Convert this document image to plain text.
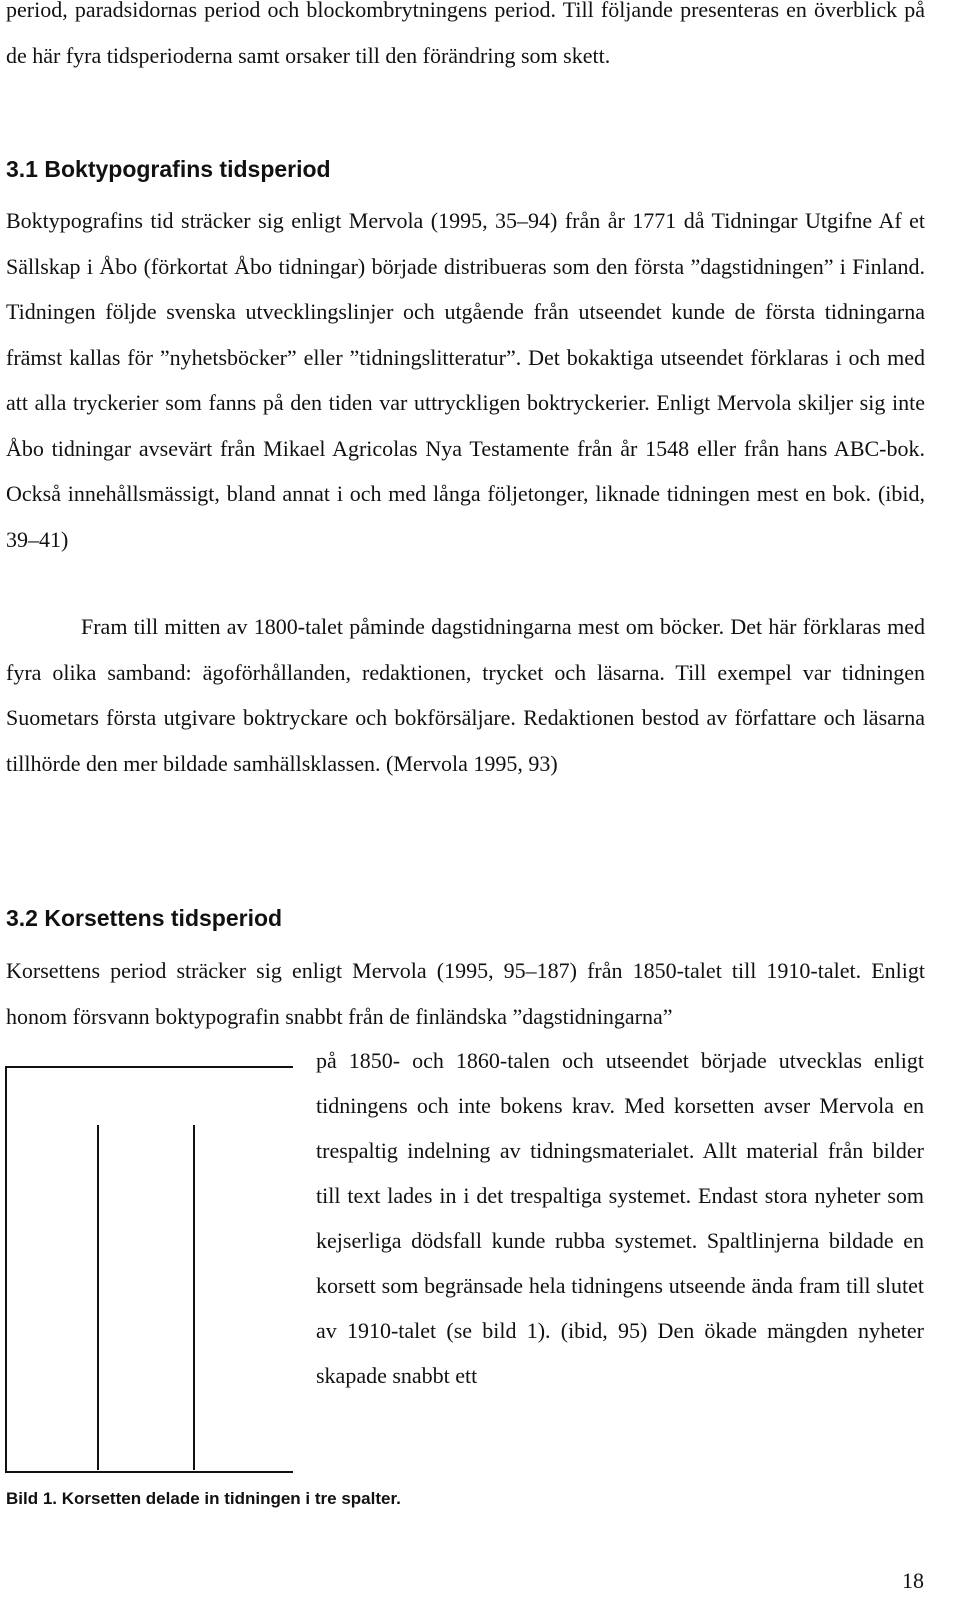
period, paradsidornas period och blockombrytningens period. Till följande presenteras en överblick på de här fyra tidsperioderna samt orsaker till den förändring som skett.

3.1 Boktypografins tidsperiod

Boktypografins tid sträcker sig enligt Mervola (1995, 35–94) från år 1771 då Tidningar Utgifne Af et Sällskap i Åbo (förkortat Åbo tidningar) började distribueras som den första ”dagstidningen” i Finland. Tidningen följde svenska utvecklingslinjer och utgående från utseendet kunde de första tidningarna främst kallas för ”nyhetsböcker” eller ”tidningslitteratur”. Det bokaktiga utseendet förklaras i och med att alla tryckerier som fanns på den tiden var uttryckligen boktryckerier. Enligt Mervola skiljer sig inte Åbo tidningar avsevärt från Mikael Agricolas Nya Testamente från år 1548 eller från hans ABC-bok. Också innehållsmässigt, bland annat i och med långa följetonger, liknade tidningen mest en bok. (ibid, 39–41)

Fram till mitten av 1800-talet påminde dagstidningarna mest om böcker. Det här förklaras med fyra olika samband: ägoförhållanden, redaktionen, trycket och läsarna. Till exempel var tidningen Suometars första utgivare boktryckare och bokförsäljare. Redaktionen bestod av författare och läsarna tillhörde den mer bildade samhällsklassen. (Mervola 1995, 93)

3.2 Korsettens tidsperiod

Korsettens period sträcker sig enligt Mervola (1995, 95–187) från 1850-talet till 1910-talet. Enligt honom försvann boktypografin snabbt från de finländska ”dagstidningarna”

på 1850- och 1860-talen och utseendet började utvecklas enligt tidningens och inte bokens krav. Med korsetten avser Mervola en trespaltig indelning av tidningsmaterialet. Allt material från bilder till text lades in i det trespaltiga systemet. Endast stora nyheter som kejserliga dödsfall kunde rubba systemet. Spaltlinjerna bildade en korsett som begränsade hela tidningens utseende ända fram till slutet av 1910-talet (se bild 1). (ibid, 95) Den ökade mängden nyheter skapade snabbt ett

Bild 1. Korsetten delade in tidningen i tre spalter.

18
